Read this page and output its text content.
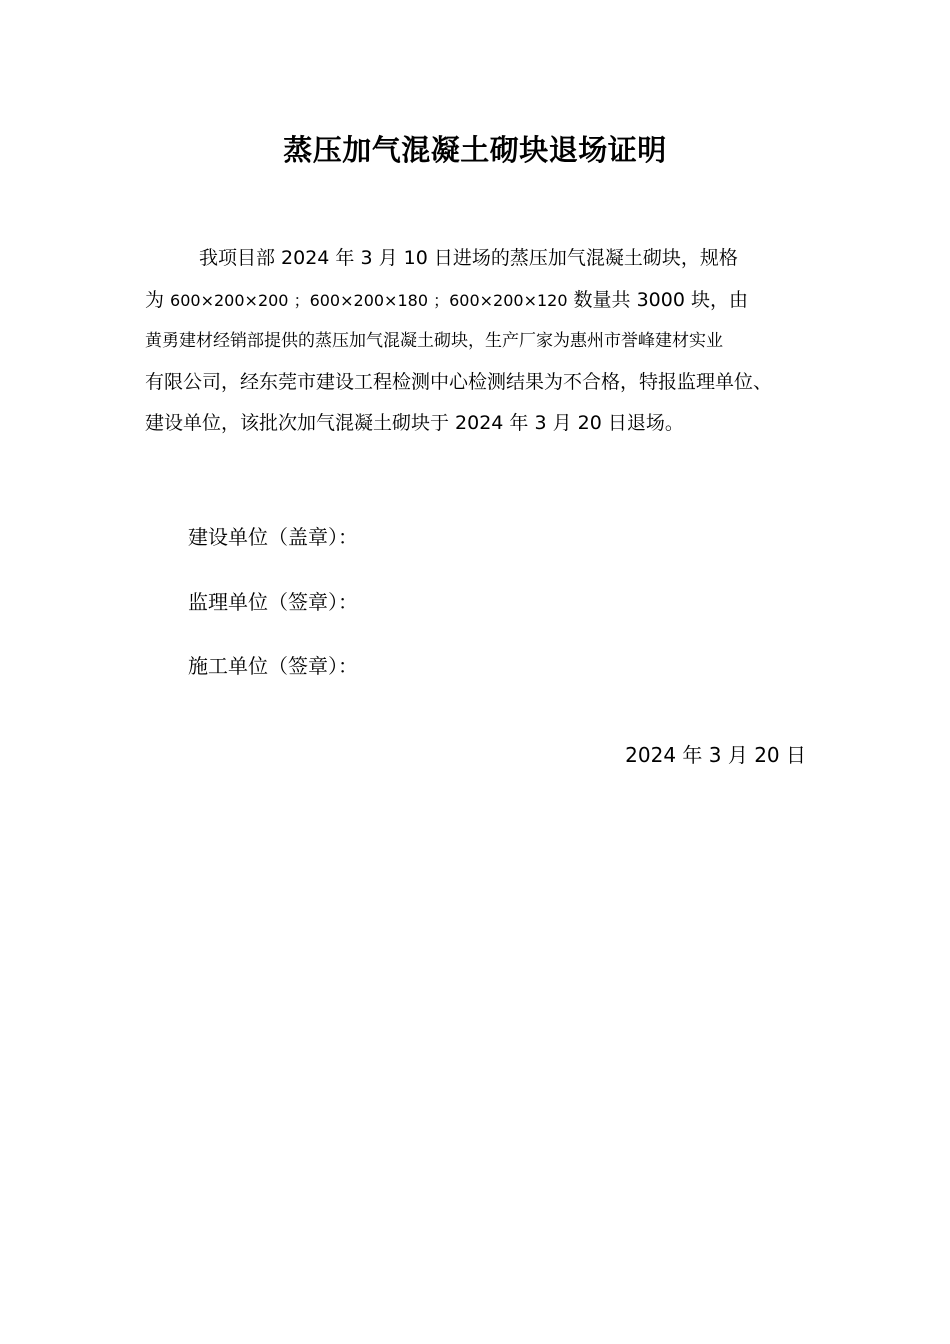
蒸压加气混凝土砌块退场证明
我项目部 2024 年 3 月 10 日进场的蒸压加气混凝土砌块，规格
为 600×200×200 ；600×200×180 ；600×200×120 数量共 3000 块，由
黄勇建材经销部提供的蒸压加气混凝土砌块，生产厂家为惠州市誉峰建材实业
有限公司，经东莞市建设工程检测中心检测结果为不合格，特报监理单位、
建设单位，该批次加气混凝土砌块于 2024 年 3 月 20 日退场。
建设单位（盖章）：
监理单位（签章）：
施工单位（签章）：
2024 年 3 月 20 日
